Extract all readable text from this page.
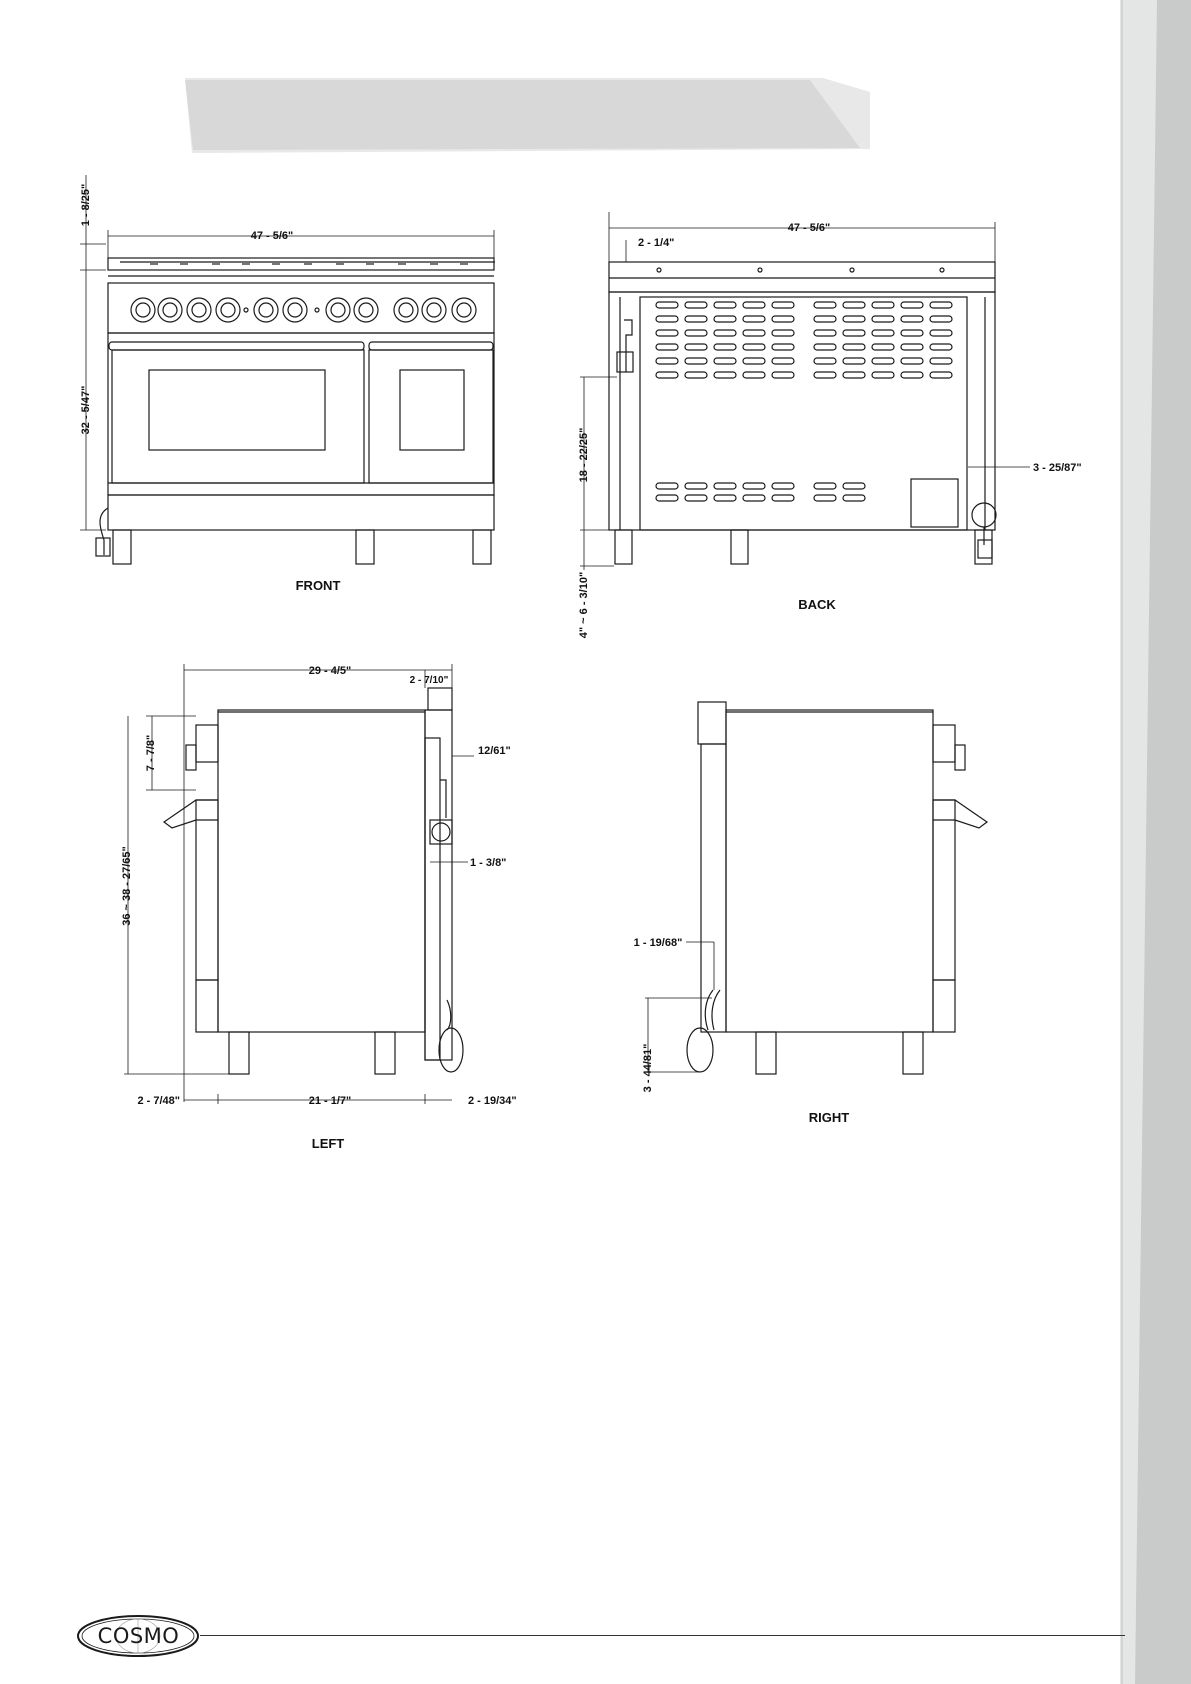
47 - 5/6"
1 - 8/25"
32 - 5/47"
FRONT
47 - 5/6"
2 - 1/4"
18 - 22/25"
4" ~ 6 - 3/10"
3 - 25/87"
BACK
29 - 4/5"
2 - 7/10"
7 - 7/8"	12/61"
36 ~ 38 - 27/65"	1 - 3/8"
2 - 7/48"	21 - 1/7"	2 - 19/34"
LEFT
1 - 19/68"
3 - 44/81"
RIGHT
COSMO
